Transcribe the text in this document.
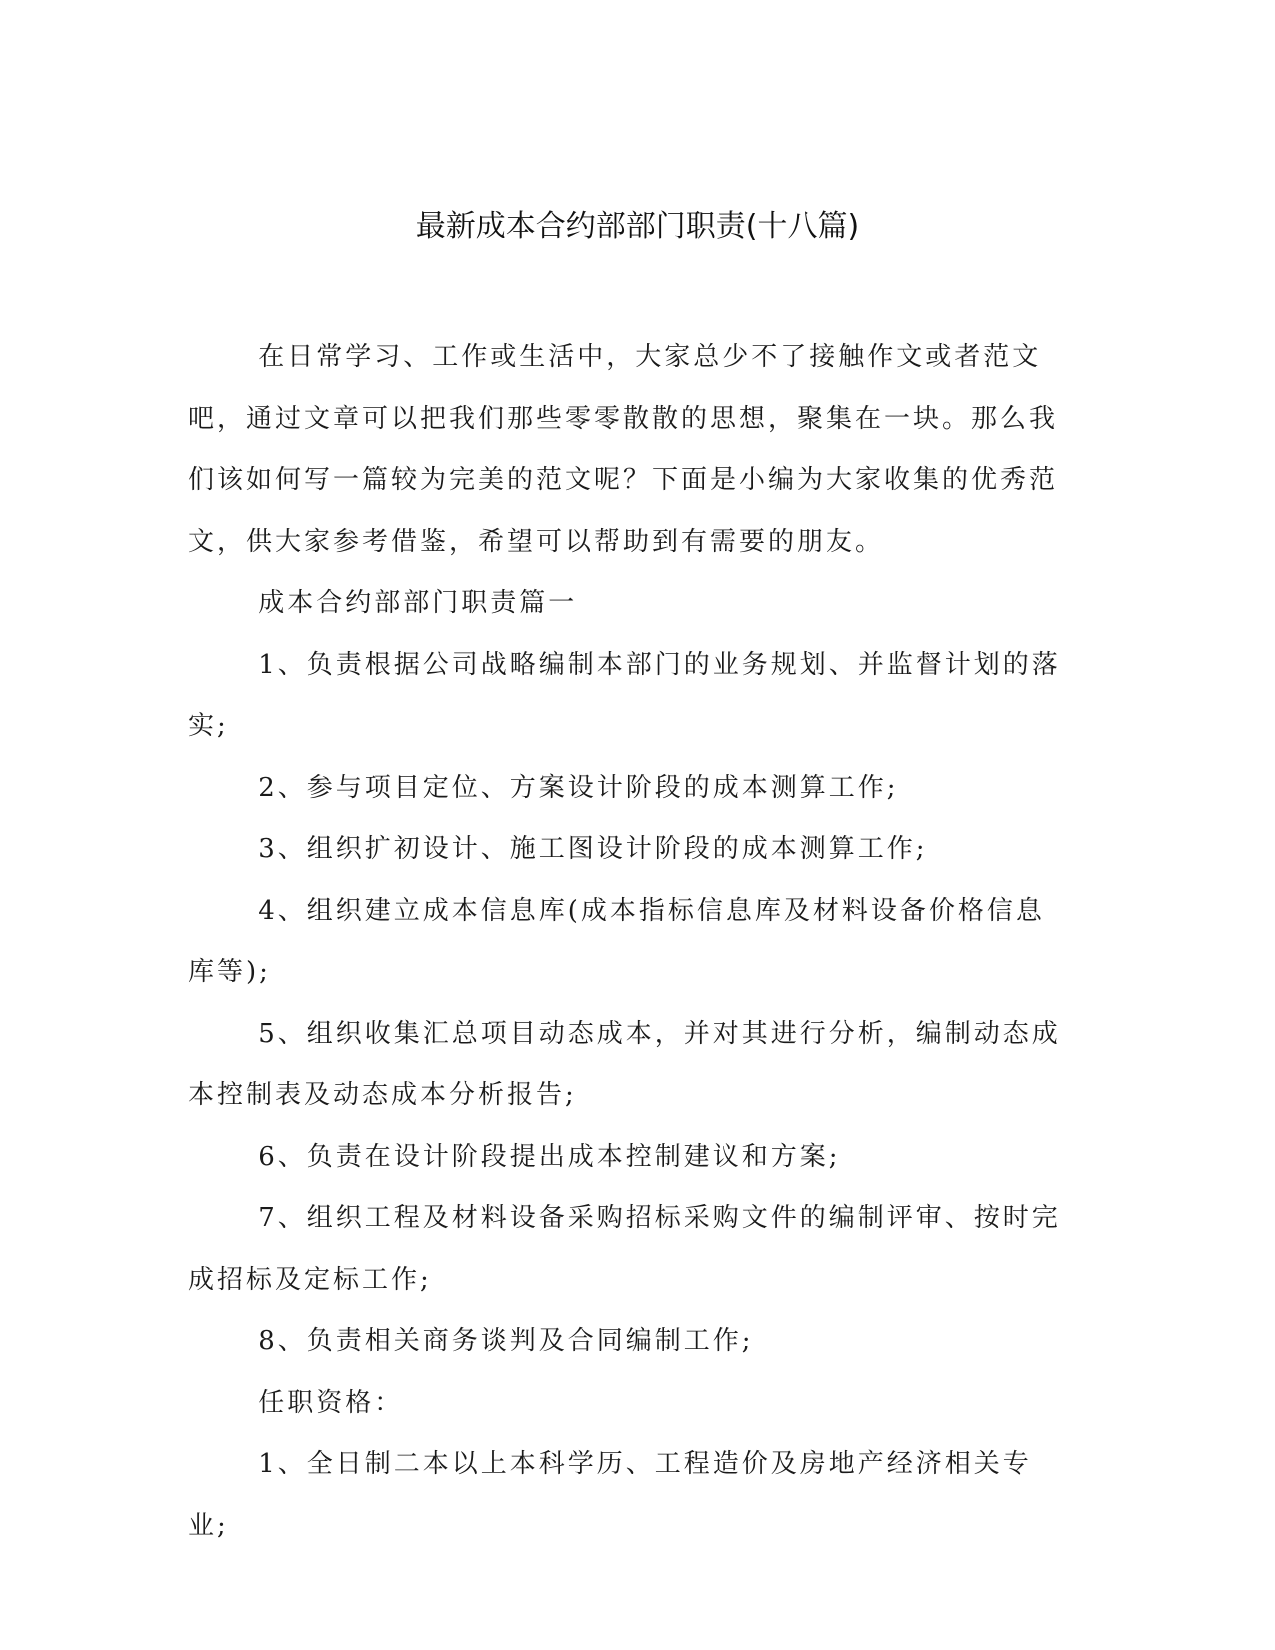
最新成本合约部部门职责(十八篇)

在日常学习、工作或生活中，大家总少不了接触作文或者范文吧，通过文章可以把我们那些零零散散的思想，聚集在一块。那么我们该如何写一篇较为完美的范文呢？下面是小编为大家收集的优秀范文，供大家参考借鉴，希望可以帮助到有需要的朋友。

成本合约部部门职责篇一

1、负责根据公司战略编制本部门的业务规划、并监督计划的落实;

2、参与项目定位、方案设计阶段的成本测算工作;

3、组织扩初设计、施工图设计阶段的成本测算工作;

4、组织建立成本信息库(成本指标信息库及材料设备价格信息库等);

5、组织收集汇总项目动态成本，并对其进行分析，编制动态成本控制表及动态成本分析报告;

6、负责在设计阶段提出成本控制建议和方案;

7、组织工程及材料设备采购招标采购文件的编制评审、按时完成招标及定标工作;

8、负责相关商务谈判及合同编制工作;

任职资格：

1、全日制二本以上本科学历、工程造价及房地产经济相关专业;
